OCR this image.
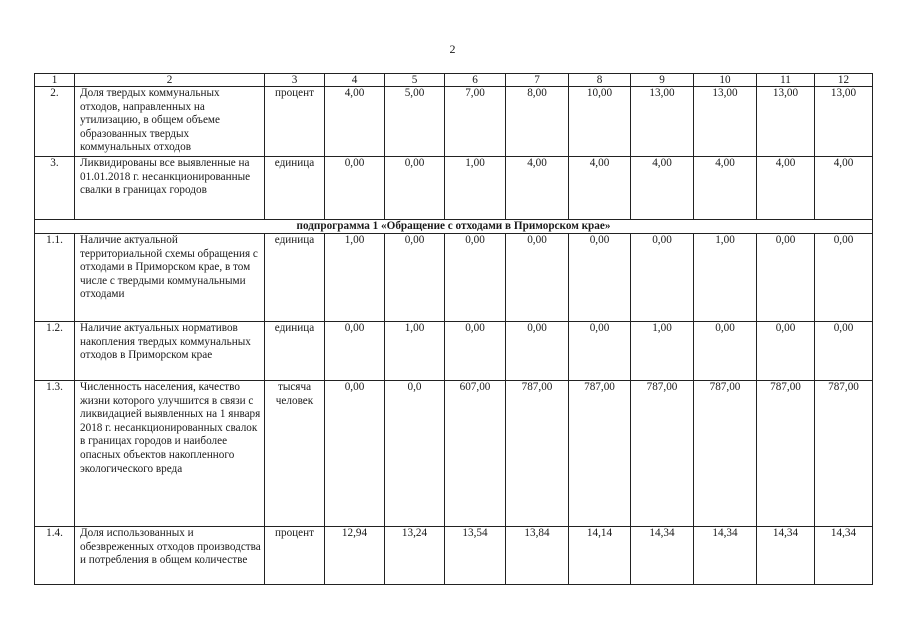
2
1	2	3	4	5	6	7	8	9	10	11	12
2.	Доля твердых коммунальных отходов, направленных на утилизацию, в общем объеме образованных твердых коммунальных отходов	процент	4,00	5,00	7,00	8,00	10,00	13,00	13,00	13,00	13,00
3.	Ликвидированы все выявленные на 01.01.2018 г. несанкционированные свалки в границах городов	единица	0,00	0,00	1,00	4,00	4,00	4,00	4,00	4,00	4,00
подпрограмма 1 «Обращение с отходами в Приморском крае»											
1.1.	Наличие актуальной территориальной схемы обращения с отходами в Приморском крае, в том числе с твердыми коммунальными отходами	единица	1,00	0,00	0,00	0,00	0,00	0,00	1,00	0,00	0,00
1.2.	Наличие актуальных нормативов накопления твердых коммунальных отходов в Приморском крае	единица	0,00	1,00	0,00	0,00	0,00	1,00	0,00	0,00	0,00
1.3.	Численность населения, качество жизни которого улучшится в связи с ликвидацией выявленных на 1 января 2018 г. несанкционированных свалок в границах городов и наиболее опасных объектов накопленного экологического вреда	тысяча человек	0,00	0,0	607,00	787,00	787,00	787,00	787,00	787,00	787,00
1.4.	Доля использованных и обезвреженных отходов производства и потребления в общем количестве	процент	12,94	13,24	13,54	13,84	14,14	14,34	14,34	14,34	14,34
